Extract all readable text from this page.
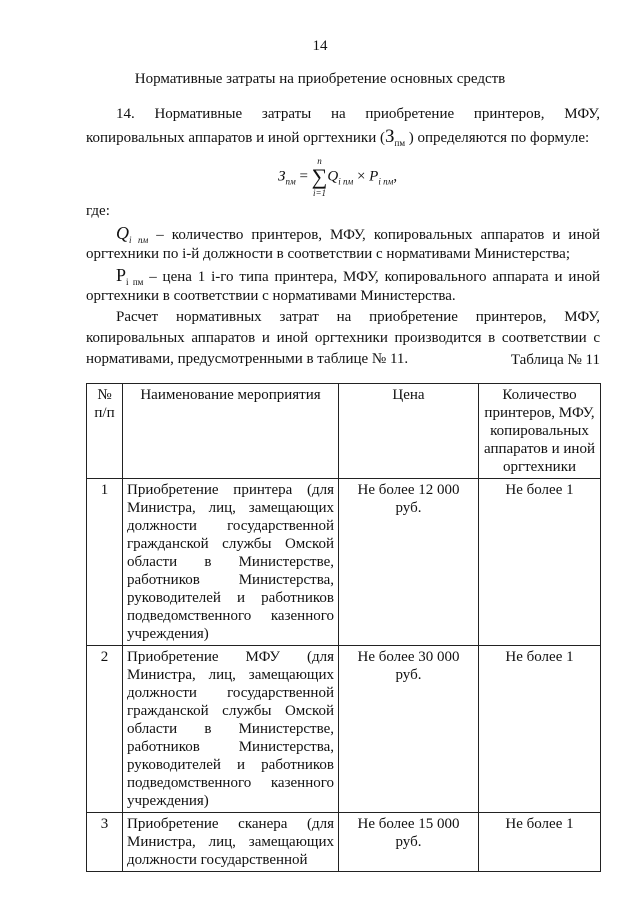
14
Нормативные затраты на приобретение основных средств
14. Нормативные затраты на приобретение принтеров, МФУ,
копировальных аппаратов и иной оргтехники ($З_{пм}$ ) определяются по формуле:
$З_{пм}$ =
n
∑
i=1
$Q_{i пм} \times P_{i пм}$,
где:
$Q_{i пм}$ – количество принтеров, МФУ, копировальных аппаратов и иной
оргтехники по i-й должности в соответствии с нормативами Министерства;
$P_{i пм}$ – цена 1 i-го типа принтера, МФУ, копировального аппарата и иной
оргтехники в соответствии с нормативами Министерства.
Расчет нормативных затрат на приобретение принтеров, МФУ,
копировальных аппаратов и иной оргтехники производится в соответствии с
нормативами, предусмотренными в таблице № 11.	Таблица № 11
№ п/п	Наименование мероприятия	Цена	Количество принтеров, МФУ, копировальных аппаратов и иной оргтехники
1	Приобретение принтера (для Министра, лиц, замещающих должности государственной гражданской службы Омской области в Министерстве, работников Министерства, руководителей и работников подведомственного казенного учреждения)	Не более 12 000 руб.	Не более 1
2	Приобретение МФУ (для Министра, лиц, замещающих должности государственной гражданской службы Омской области в Министерстве, работников Министерства, руководителей и работников подведомственного казенного учреждения)	Не более 30 000 руб.	Не более 1
3	Приобретение сканера (для Министра, лиц, замещающих должности государственной	Не более 15 000 руб.	Не более 1
